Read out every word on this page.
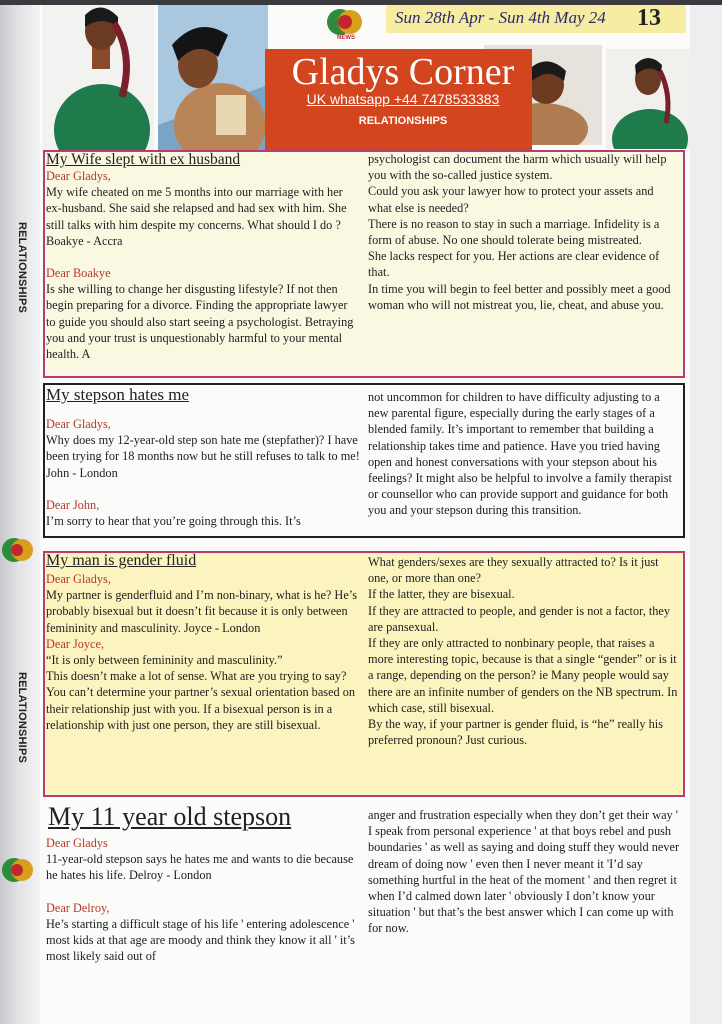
RELATIONSHIPS
RELATIONSHIPS
Gladys Corner
UK whatsapp +44 7478533383
RELATIONSHIPS
Sun 28th Apr - Sun 4th May 24 13
NEWS
My Wife slept with ex husband

Dear Gladys,

My wife cheated on me 5 months into our marriage with her ex-husband. She said she relapsed and had sex with him. She still talks with him despite my concerns. What should I do ? Boakye - Accra

Dear Boakye

Is she willing to change her disgusting lifestyle? If not then begin preparing for a divorce. Finding the appropriate lawyer to guide you should also start seeing a psychologist. Betraying you and your trust is unquestionably harmful to your mental health. A

psychologist can document the harm which usually will help you with the so-called justice system.

Could you ask your lawyer how to protect your assets and what else is needed?

There is no reason to stay in such a marriage. Infidelity is a form of abuse. No one should tolerate being mistreated.

She lacks respect for you. Her actions are clear evidence of that.

In time you will begin to feel better and possibly meet a good woman who will not mistreat you, lie, cheat, and abuse you.

My stepson hates me

Dear Gladys,

Why does my 12-year-old step son hate me (stepfather)? I have been trying for 18 months now but he still refuses to talk to me! John - London

Dear John,

I’m sorry to hear that you’re going through this. It’s

not uncommon for children to have difficulty adjusting to a new parental figure, especially during the early stages of a blended family. It’s important to remember that building a relationship takes time and patience. Have you tried having open and honest conversations with your stepson about his feelings? It might also be helpful to involve a family therapist or counsellor who can provide support and guidance for both you and your stepson during this transition.

My man is gender fluid

Dear Gladys,

My partner is genderfluid and I’m non-binary, what is he? He’s probably bisexual but it doesn’t fit because it is only between femininity and masculinity. Joyce - London

Dear Joyce,

“It is only between femininity and masculinity.”

This doesn’t make a lot of sense. What are you trying to say?

You can’t determine your partner’s sexual orientation based on their relationship just with you. If a bisexual person is in a relationship with just one person, they are still bisexual.

What genders/sexes are they sexually attracted to? Is it just one, or more than one?

If the latter, they are bisexual.

If they are attracted to people, and gender is not a factor, they are pansexual.

If they are only attracted to nonbinary people, that raises a more interesting topic, because is that a single “gender” or is it a range, depending on the person? ie Many people would say there are an infinite number of genders on the NB spectrum. In which case, still bisexual.

By the way, if your partner is gender fluid, is “he” really his preferred pronoun? Just curious.

My 11 year old stepson

Dear Gladys

11-year-old stepson says he hates me and wants to die because he hates his life. Delroy - London

Dear Delroy,

He’s starting a difficult stage of his life ' entering adolescence ' most kids at that age are moody and think they know it all ' it’s most likely said out of

anger and frustration especially when they don’t get their way ' I speak from personal experience ' at that boys rebel and push boundaries ' as well as saying and doing stuff they would never dream of doing now ' even then I never meant it 'I’d say something hurtful in the heat of the moment ' and then regret it when I’d calmed down later ' obviously I don’t know your situation ' but that’s the best answer which I can come up with for now.
